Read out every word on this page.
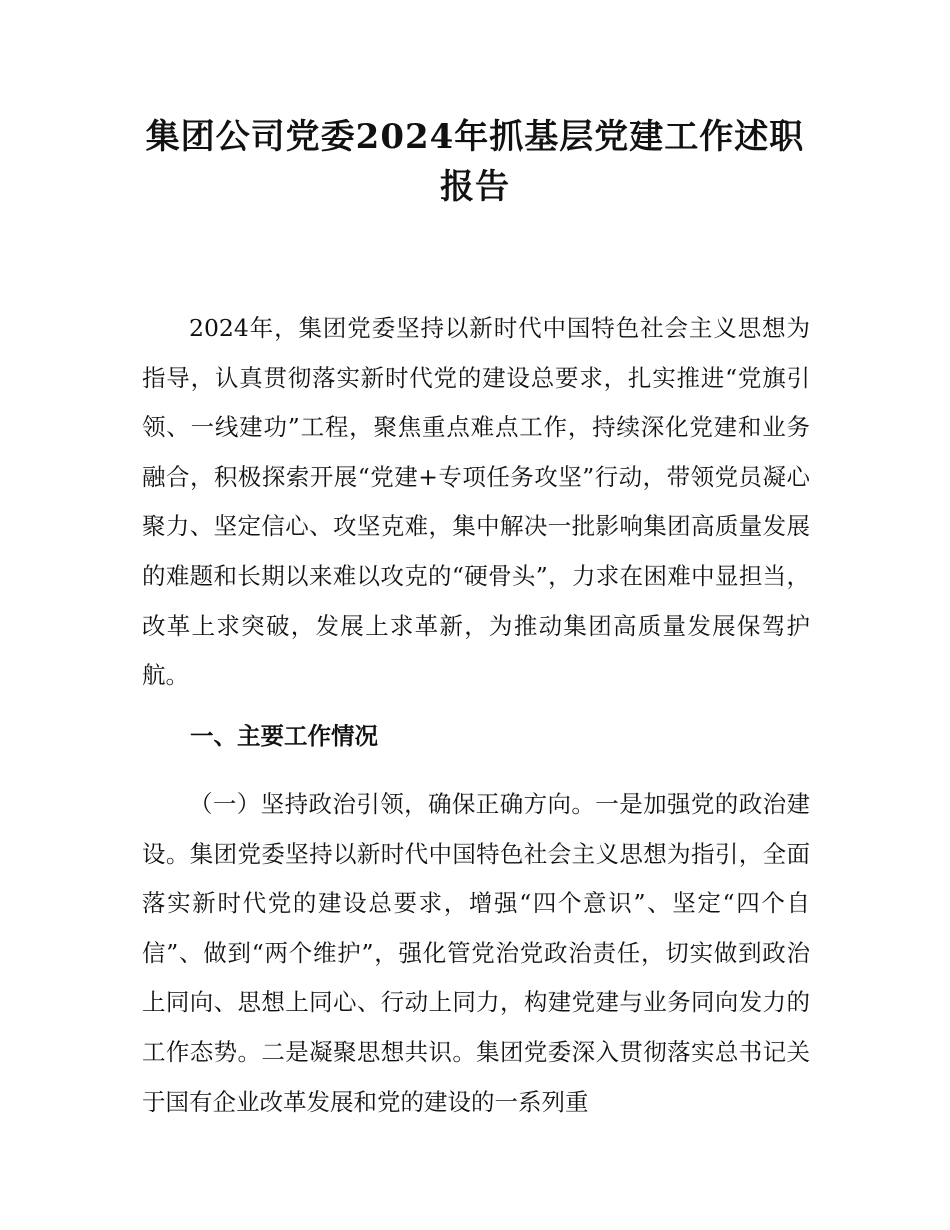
集团公司党委2024年抓基层党建工作述职报告

2024年，集团党委坚持以新时代中国特色社会主义思想为指导，认真贯彻落实新时代党的建设总要求，扎实推进“党旗引领、一线建功”工程，聚焦重点难点工作，持续深化党建和业务融合，积极探索开展“党建+专项任务攻坚”行动，带领党员凝心聚力、坚定信心、攻坚克难，集中解决一批影响集团高质量发展的难题和长期以来难以攻克的“硬骨头”，力求在困难中显担当，改革上求突破，发展上求革新，为推动集团高质量发展保驾护航。

一、主要工作情况

（一）坚持政治引领，确保正确方向。一是加强党的政治建设。集团党委坚持以新时代中国特色社会主义思想为指引，全面落实新时代党的建设总要求，增强“四个意识”、坚定“四个自信”、做到“两个维护”，强化管党治党政治责任，切实做到政治上同向、思想上同心、行动上同力，构建党建与业务同向发力的工作态势。二是凝聚思想共识。集团党委深入贯彻落实总书记关于国有企业改革发展和党的建设的一系列重
